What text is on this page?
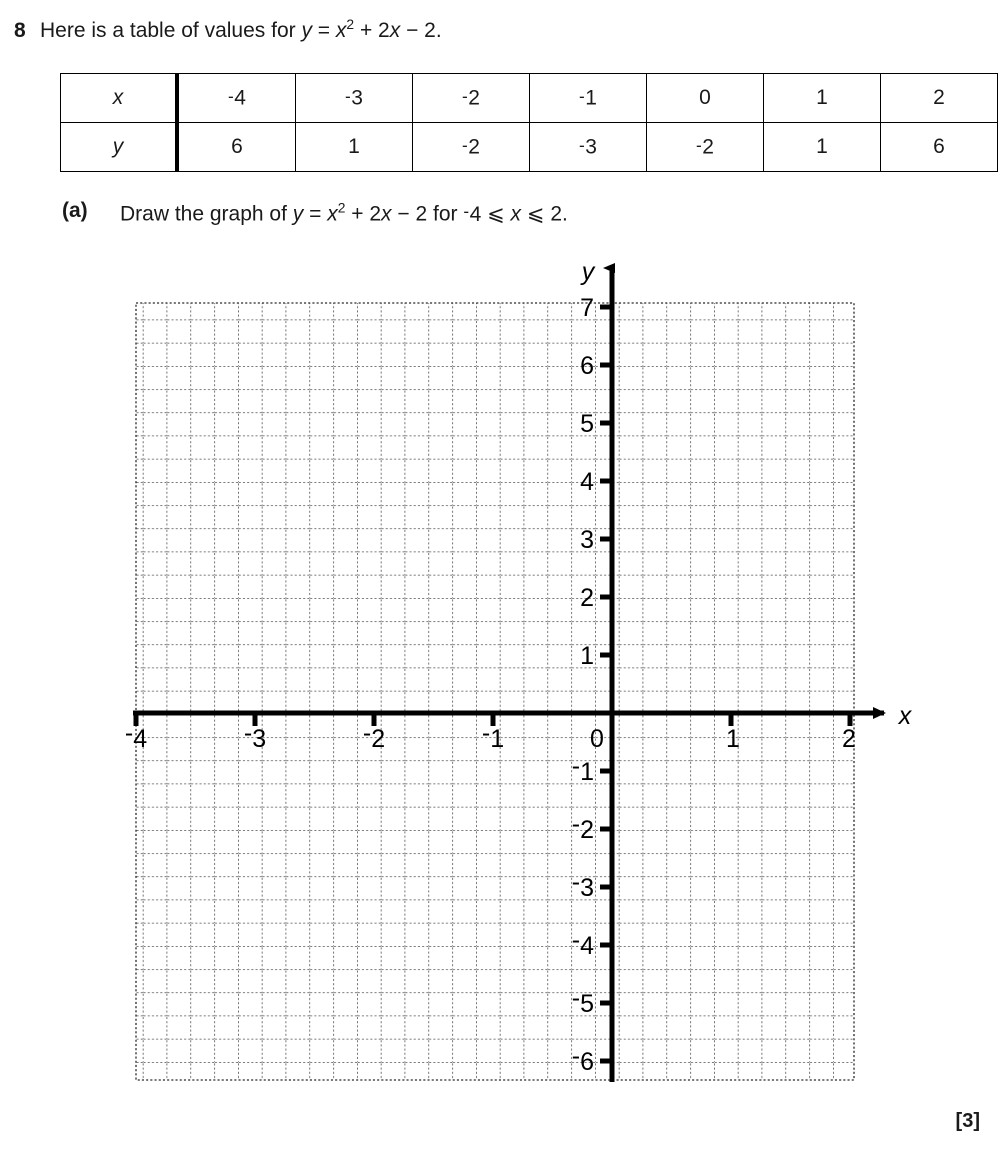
8 Here is a table of values for $y = x^2 + 2x - 2$.
x	-4	-3	-2	-1	0	1	2
y	6	1	-2	-3	-2	1	6
(a)	Draw the graph of $y = x^2 + 2x - 2$ for -4 ⩽ x ⩽ 2.
y
x
7
6
5
4
3
2
1
-1
-2
-3
-4
-5
-6
-4	-3	-2	-1	0	1	2
[3]
